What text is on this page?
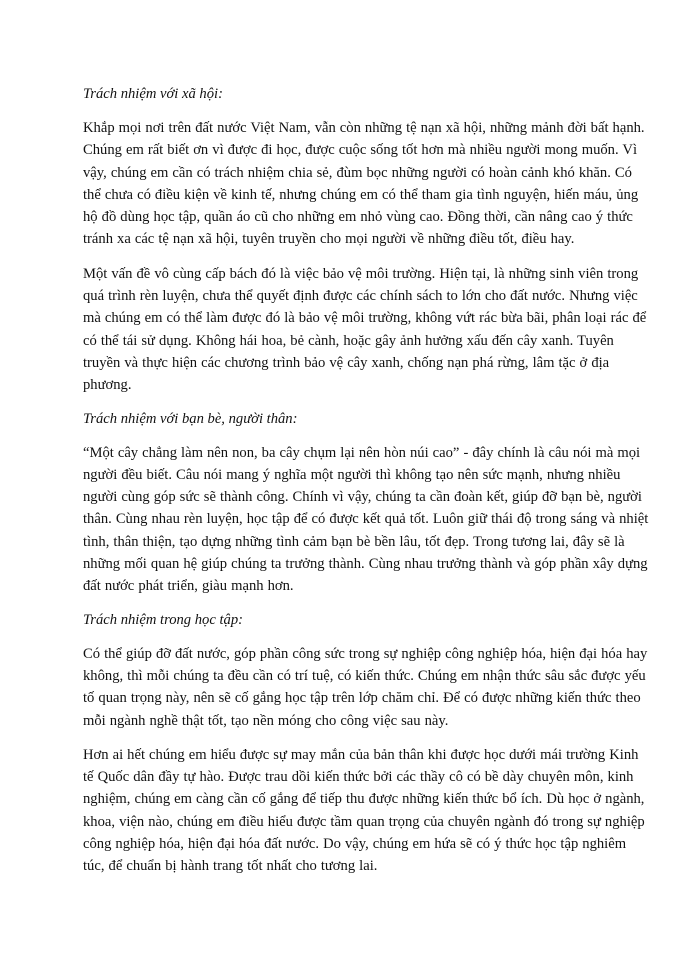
Trách nhiệm với xã hội:

Khắp mọi nơi trên đất nước Việt Nam, vẫn còn những tệ nạn xã hội, những mảnh đời bất hạnh. Chúng em rất biết ơn vì được đi học, được cuộc sống tốt hơn mà nhiều người mong muốn. Vì vậy, chúng em cần có trách nhiệm chia sẻ, đùm bọc những người có hoàn cảnh khó khăn. Có thể chưa có điều kiện về kinh tế, nhưng chúng em có thể tham gia tình nguyện, hiến máu, ủng hộ đồ dùng học tập, quần áo cũ cho những em nhỏ vùng cao. Đồng thời, cần nâng cao ý thức tránh xa các tệ nạn xã hội, tuyên truyền cho mọi người về những điều tốt, điều hay.

Một vấn đề vô cùng cấp bách đó là việc bảo vệ môi trường. Hiện tại, là những sinh viên trong quá trình rèn luyện, chưa thể quyết định được các chính sách to lớn cho đất nước. Nhưng việc mà chúng em có thể làm được đó là bảo vệ môi trường, không vứt rác bừa bãi, phân loại rác để có thể tái sử dụng. Không hái hoa, bẻ cành, hoặc gây ảnh hưởng xấu đến cây xanh. Tuyên truyền và thực hiện các chương trình bảo vệ cây xanh, chống nạn phá rừng, lâm tặc ở địa phương.

Trách nhiệm với bạn bè, người thân:

“Một cây chẳng làm nên non, ba cây chụm lại nên hòn núi cao” - đây chính là câu nói mà mọi người đều biết. Câu nói mang ý nghĩa một người thì không tạo nên sức mạnh, nhưng nhiều người cùng góp sức sẽ thành công. Chính vì vậy, chúng ta cần đoàn kết, giúp đỡ bạn bè, người thân. Cùng nhau rèn luyện, học tập để có được kết quả tốt. Luôn giữ thái độ trong sáng và nhiệt tình, thân thiện, tạo dựng những tình cảm bạn bè bền lâu, tốt đẹp. Trong tương lai, đây sẽ là những mối quan hệ giúp chúng ta trưởng thành. Cùng nhau trưởng thành và góp phần xây dựng đất nước phát triển, giàu mạnh hơn.

Trách nhiệm trong học tập:

Có thể giúp đỡ đất nước, góp phần công sức trong sự nghiệp công nghiệp hóa, hiện đại hóa hay không, thì mỗi chúng ta đều cần có trí tuệ, có kiến thức. Chúng em nhận thức sâu sắc được yếu tố quan trọng này, nên sẽ cố gắng học tập trên lớp chăm chỉ. Để có được những kiến thức theo mỗi ngành nghề thật tốt, tạo nền móng cho công việc sau này.

Hơn ai hết chúng em hiểu được sự may mắn của bản thân khi được học dưới mái trường Kinh tế Quốc dân đầy tự hào. Được trau dồi kiến thức bởi các thầy cô có bề dày chuyên môn, kinh nghiệm, chúng em càng cần cố gắng để tiếp thu được những kiến thức bổ ích. Dù học ở ngành, khoa, viện nào, chúng em điều hiểu được tầm quan trọng của chuyên ngành đó trong sự nghiệp công nghiệp hóa, hiện đại hóa đất nước. Do vậy, chúng em hứa sẽ có ý thức học tập nghiêm túc, để chuẩn bị hành trang tốt nhất cho tương lai.
